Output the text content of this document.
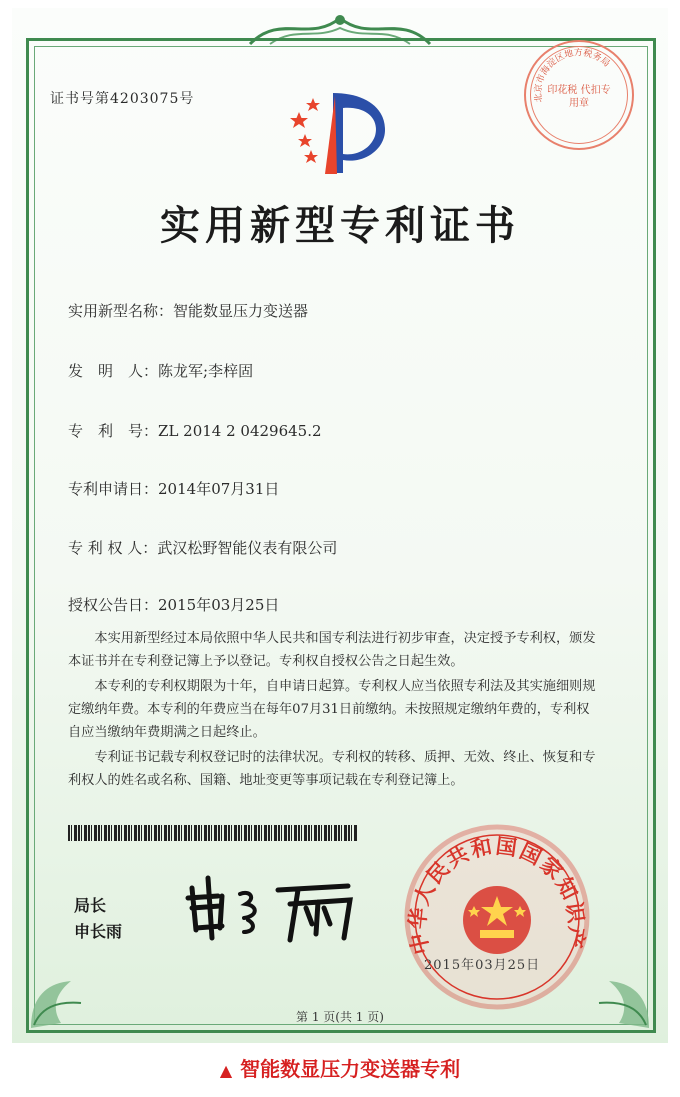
证书号第4203075号	北京市海淀区地方税务局
印花税 代扣专用章
实用新型专利证书
实用新型名称：智能数显压力变送器
发　明　人：陈龙军;李梓固
专　利　号：ZL 2014 2 0429645.2
专利申请日：2014年07月31日
专 利 权 人：武汉松野智能仪表有限公司
授权公告日：2015年03月25日

本实用新型经过本局依照中华人民共和国专利法进行初步审查，决定授予专利权，颁发本证书并在专利登记簿上予以登记。专利权自授权公告之日起生效。

本专利的专利权期限为十年，自申请日起算。专利权人应当依照专利法及其实施细则规定缴纳年费。本专利的年费应当在每年07月31日前缴纳。未按照规定缴纳年费的，专利权自应当缴纳年费期满之日起终止。

专利证书记载专利权登记时的法律状况。专利权的转移、质押、无效、终止、恢复和专利权人的姓名或名称、国籍、地址变更等事项记载在专利登记簿上。

局长
申长雨	中华人民共和国国家知识产
2015年03月25日
第 1 页(共 1 页)
▲ 智能数显压力变送器专利
